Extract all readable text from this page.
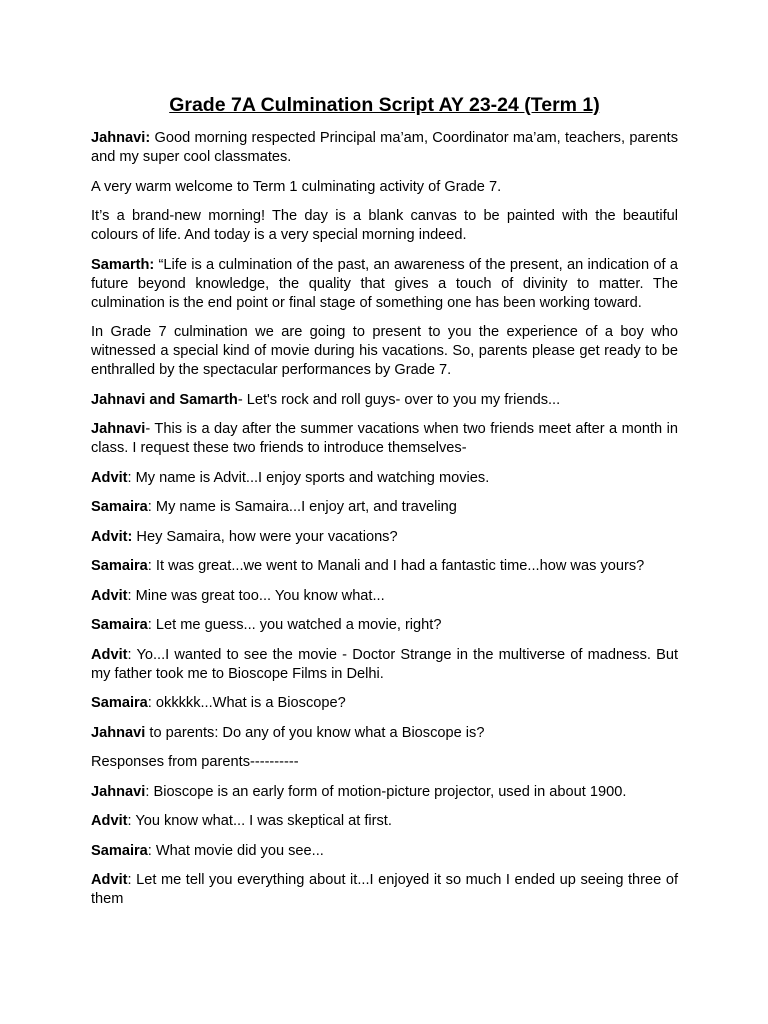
Grade 7A Culmination Script AY 23-24 (Term 1)

Jahnavi: Good morning respected Principal ma’am, Coordinator ma’am, teachers, parents and my super cool classmates.

A very warm welcome to Term 1 culminating activity of Grade 7.

It’s a brand-new morning! The day is a blank canvas to be painted with the beautiful colours of life. And today is a very special morning indeed.

Samarth: “Life is a culmination of the past, an awareness of the present, an indication of a future beyond knowledge, the quality that gives a touch of divinity to matter. The culmination is the end point or final stage of something one has been working toward.

In Grade 7 culmination we are going to present to you the experience of a boy who witnessed a special kind of movie during his vacations. So, parents please get ready to be enthralled by the spectacular performances by Grade 7.

Jahnavi and Samarth- Let's rock and roll guys- over to you my friends...

Jahnavi- This is a day after the summer vacations when two friends meet after a month in class. I request these two friends to introduce themselves-

Advit: My name is Advit...I enjoy sports and watching movies.

Samaira: My name is Samaira...I enjoy art, and traveling

Advit: Hey Samaira, how were your vacations?

Samaira: It was great...we went to Manali and I had a fantastic time...how was yours?

Advit: Mine was great too... You know what...

Samaira: Let me guess... you watched a movie, right?

Advit: Yo...I wanted to see the movie - Doctor Strange in the multiverse of madness. But my father took me to Bioscope Films in Delhi.

Samaira: okkkkk...What is a Bioscope?

Jahnavi to parents: Do any of you know what a Bioscope is?

Responses from parents----------

Jahnavi: Bioscope is an early form of motion-picture projector, used in about 1900.

Advit: You know what... I was skeptical at first.

Samaira: What movie did you see...

Advit: Let me tell you everything about it...I enjoyed it so much I ended up seeing three of them
